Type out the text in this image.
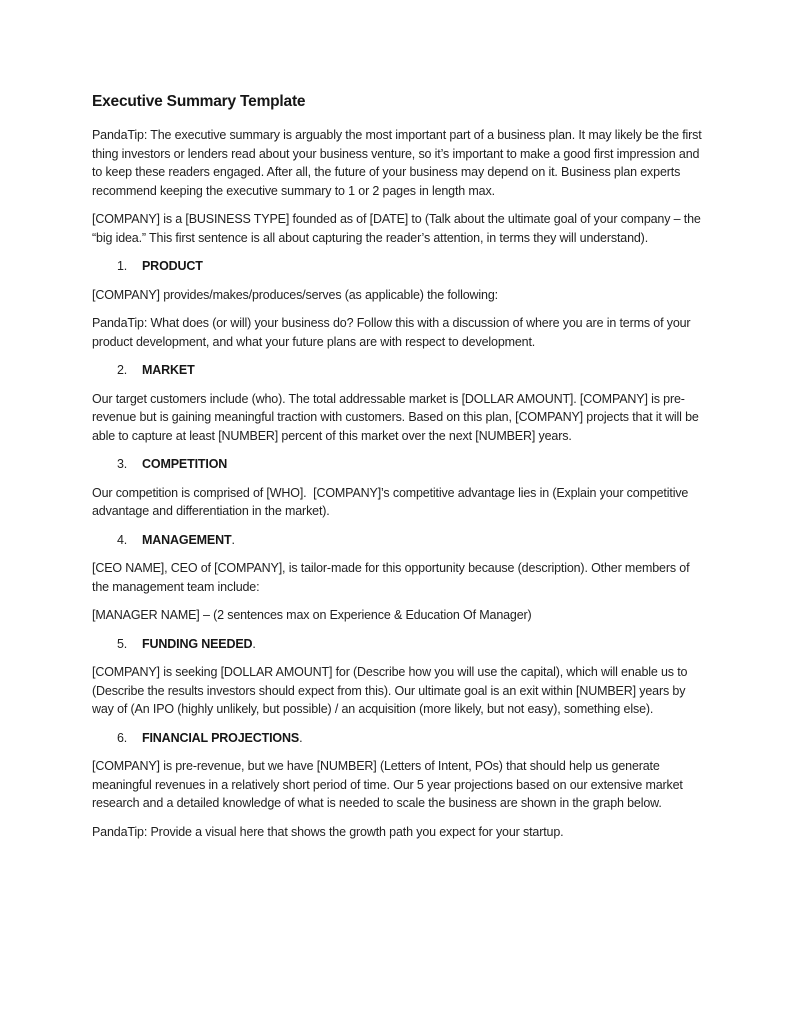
Executive Summary Template

PandaTip: The executive summary is arguably the most important part of a business plan. It may likely be the first thing investors or lenders read about your business venture, so it’s important to make a good first impression and to keep these readers engaged. After all, the future of your business may depend on it. Business plan experts recommend keeping the executive summary to 1 or 2 pages in length max.

[COMPANY] is a [BUSINESS TYPE] founded as of [DATE] to (Talk about the ultimate goal of your company – the “big idea.” This first sentence is all about capturing the reader’s attention, in terms they will understand).

1. PRODUCT

[COMPANY] provides/makes/produces/serves (as applicable) the following:

PandaTip: What does (or will) your business do? Follow this with a discussion of where you are in terms of your product development, and what your future plans are with respect to development.

2. MARKET

Our target customers include (who). The total addressable market is [DOLLAR AMOUNT]. [COMPANY] is pre-revenue but is gaining meaningful traction with customers. Based on this plan, [COMPANY] projects that it will be able to capture at least [NUMBER] percent of this market over the next [NUMBER] years.

3. COMPETITION

Our competition is comprised of [WHO].  [COMPANY]’s competitive advantage lies in (Explain your competitive advantage and differentiation in the market).

4. MANAGEMENT.

[CEO NAME], CEO of [COMPANY], is tailor-made for this opportunity because (description). Other members of the management team include:

[MANAGER NAME] – (2 sentences max on Experience & Education Of Manager)

5. FUNDING NEEDED.

[COMPANY] is seeking [DOLLAR AMOUNT] for (Describe how you will use the capital), which will enable us to (Describe the results investors should expect from this). Our ultimate goal is an exit within [NUMBER] years by way of (An IPO (highly unlikely, but possible) / an acquisition (more likely, but not easy), something else).

6. FINANCIAL PROJECTIONS.

[COMPANY] is pre-revenue, but we have [NUMBER] (Letters of Intent, POs) that should help us generate meaningful revenues in a relatively short period of time. Our 5 year projections based on our extensive market research and a detailed knowledge of what is needed to scale the business are shown in the graph below.

PandaTip: Provide a visual here that shows the growth path you expect for your startup.
